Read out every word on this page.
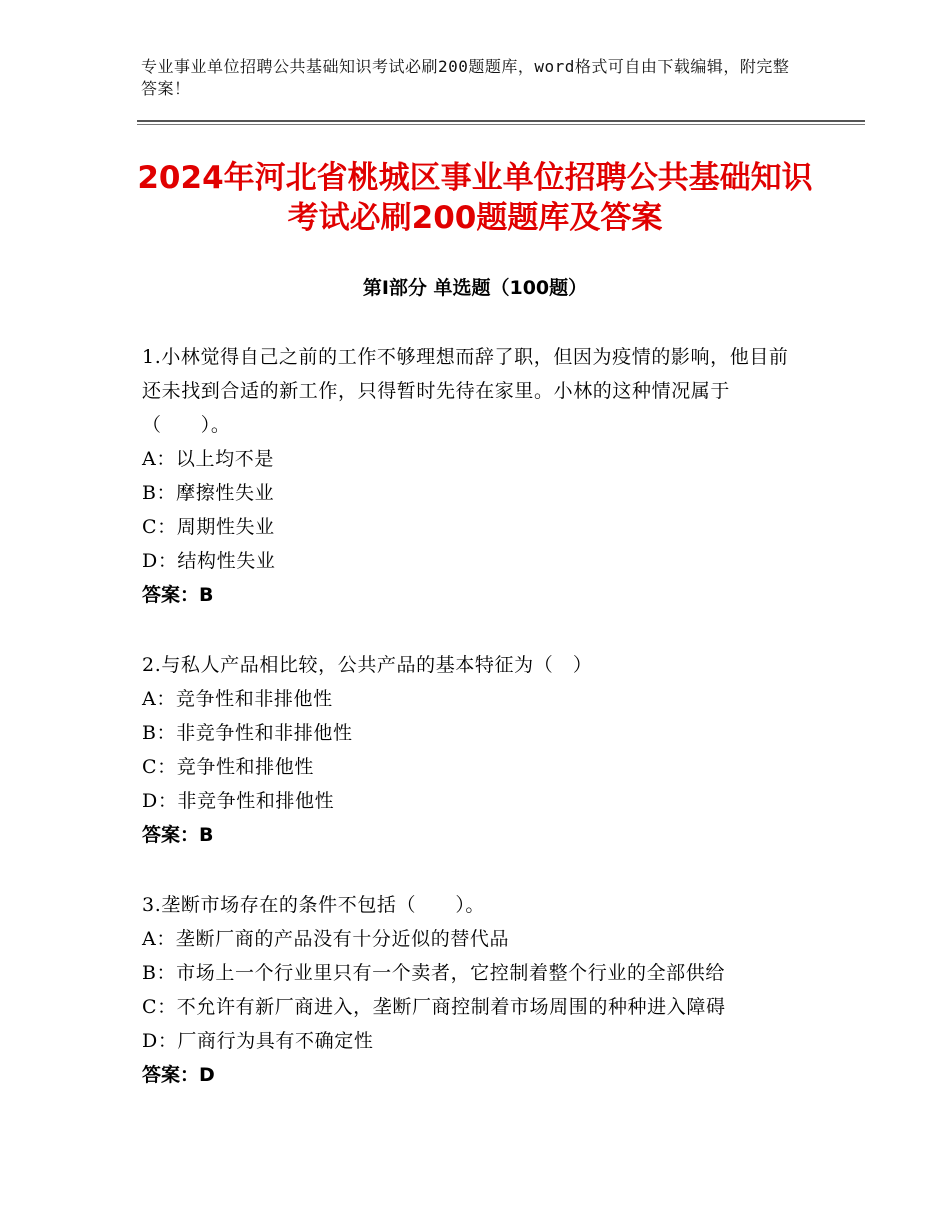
专业事业单位招聘公共基础知识考试必刷200题题库，word格式可自由下载编辑，附完整答案！
2024年河北省桃城区事业单位招聘公共基础知识考试必刷200题题库及答案
第Ⅰ部分 单选题（100题）
1.小林觉得自己之前的工作不够理想而辞了职，但因为疫情的影响，他目前还未找到合适的新工作，只得暂时先待在家里。小林的这种情况属于（　　）。
A：以上均不是
B：摩擦性失业
C：周期性失业
D：结构性失业
答案：B
2.与私人产品相比较，公共产品的基本特征为（　）
A：竞争性和非排他性
B：非竞争性和非排他性
C：竞争性和排他性
D：非竞争性和排他性
答案：B
3.垄断市场存在的条件不包括（　　）。
A：垄断厂商的产品没有十分近似的替代品
B：市场上一个行业里只有一个卖者，它控制着整个行业的全部供给
C：不允许有新厂商进入，垄断厂商控制着市场周围的种种进入障碍
D：厂商行为具有不确定性
答案：D
